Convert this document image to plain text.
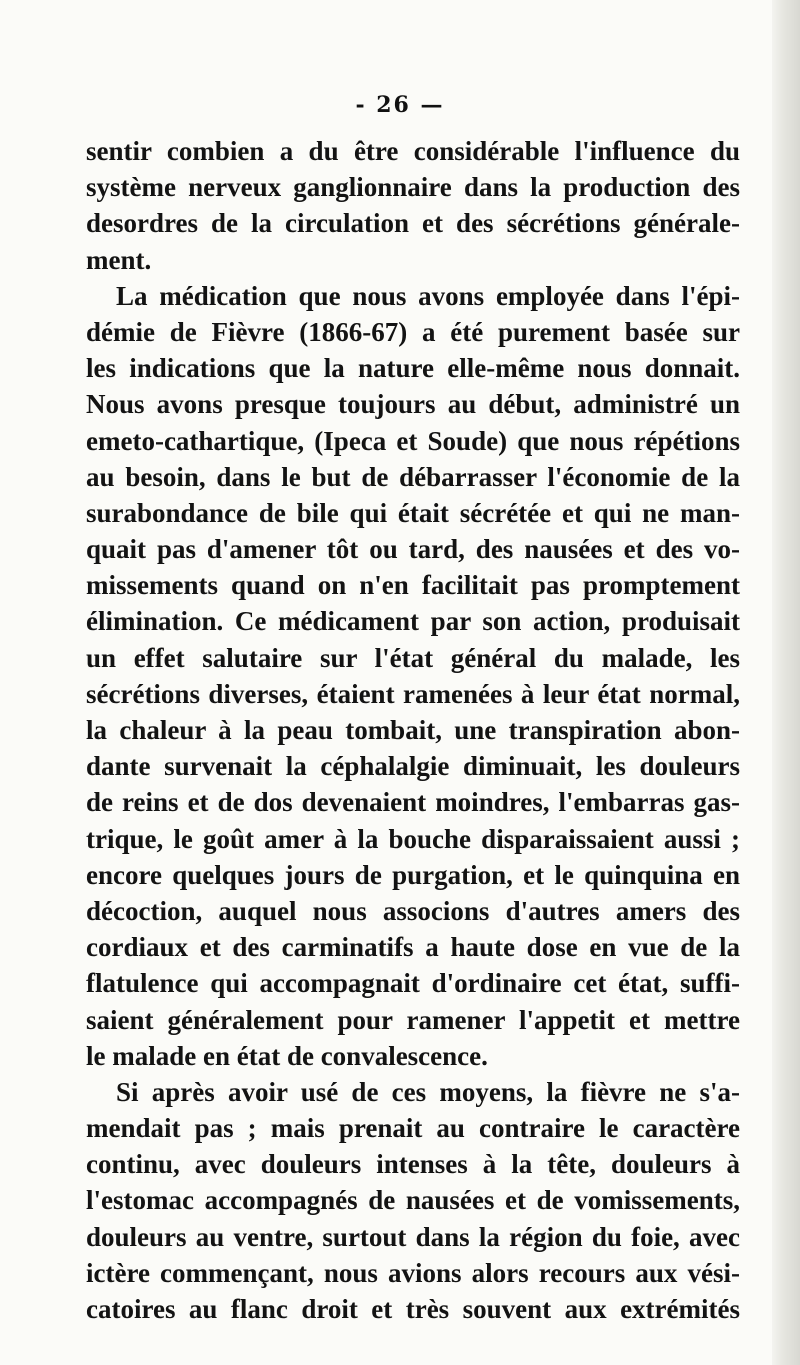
- 26 —
sentir combien a du être considérable l'influence du
système nerveux ganglionnaire dans la production des
desordres de la circulation et des sécrétions générale-
ment.
La médication que nous avons employée dans l'épi-
démie de Fièvre (1866-67) a été purement basée sur
les indications que la nature elle-même nous donnait.
Nous avons presque toujours au début, administré un
emeto-cathartique, (Ipeca et Soude) que nous répétions
au besoin, dans le but de débarrasser l'économie de la
surabondance de bile qui était sécrétée et qui ne man-
quait pas d'amener tôt ou tard, des nausées et des vo-
missements quand on n'en facilitait pas promptement
élimination. Ce médicament par son action, produisait
un effet salutaire sur l'état général du malade, les
sécrétions diverses, étaient ramenées à leur état normal,
la chaleur à la peau tombait, une transpiration abon-
dante survenait la céphalalgie diminuait, les douleurs
de reins et de dos devenaient moindres, l'embarras gas-
trique, le goût amer à la bouche disparaissaient aussi ;
encore quelques jours de purgation, et le quinquina en
décoction, auquel nous associons d'autres amers des
cordiaux et des carminatifs a haute dose en vue de la
flatulence qui accompagnait d'ordinaire cet état, suffi-
saient généralement pour ramener l'appetit et mettre
le malade en état de convalescence.
Si après avoir usé de ces moyens, la fièvre ne s'a-
mendait pas ; mais prenait au contraire le caractère
continu, avec douleurs intenses à la tête, douleurs à
l'estomac accompagnés de nausées et de vomissements,
douleurs au ventre, surtout dans la région du foie, avec
ictère commençant, nous avions alors recours aux vési-
catoires au flanc droit et très souvent aux extrémités
